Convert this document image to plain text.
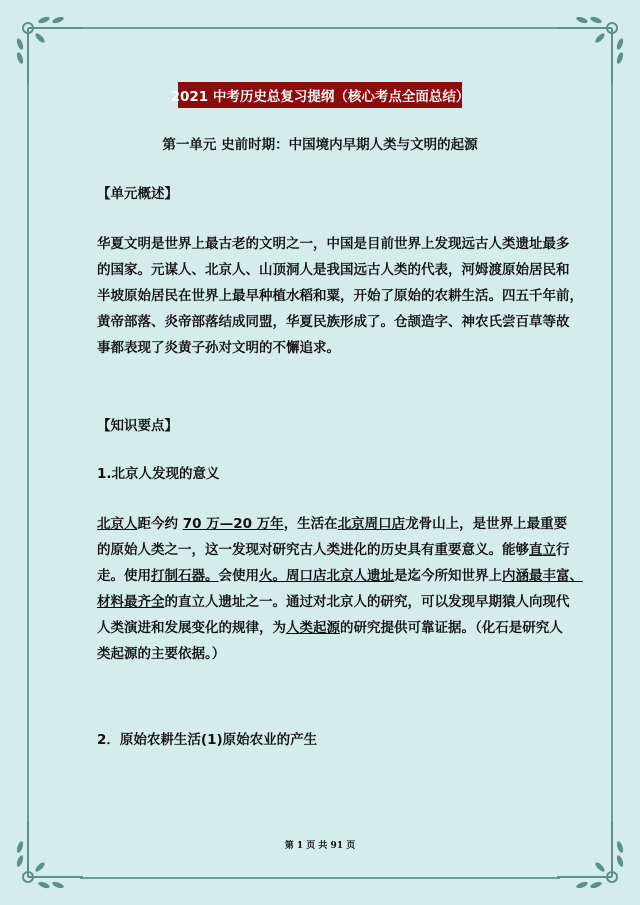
2021 中考历史总复习提纲（核心考点全面总结）
第一单元 史前时期：中国境内早期人类与文明的起源
【单元概述】

华夏文明是世界上最古老的文明之一，中国是目前世界上发现远古人类遗址最多

的国家。元谋人、北京人、山顶洞人是我国远古人类的代表，河姆渡原始居民和

半坡原始居民在世界上最早种植水稻和粟，开始了原始的农耕生活。四五千年前，

黄帝部落、炎帝部落结成同盟，华夏民族形成了。仓颉造字、神农氏尝百草等故

事都表现了炎黄子孙对文明的不懈追求。

【知识要点】
1.北京人发现的意义

北京人距今约 70 万—20 万年，生活在北京周口店龙骨山上，是世界上最重要

的原始人类之一，这一发现对研究古人类进化的历史具有重要意义。能够直立行

走。使用打制石器。会使用火。周口店北京人遗址是迄今所知世界上内涵最丰富、

材料最齐全的直立人遗址之一。通过对北京人的研究，可以发现早期猿人向现代

人类演进和发展变化的规律，为人类起源的研究提供可靠证据。（化石是研究人

类起源的主要依据。）

2．原始农耕生活(1)原始农业的产生
第 1 页 共 91 页
